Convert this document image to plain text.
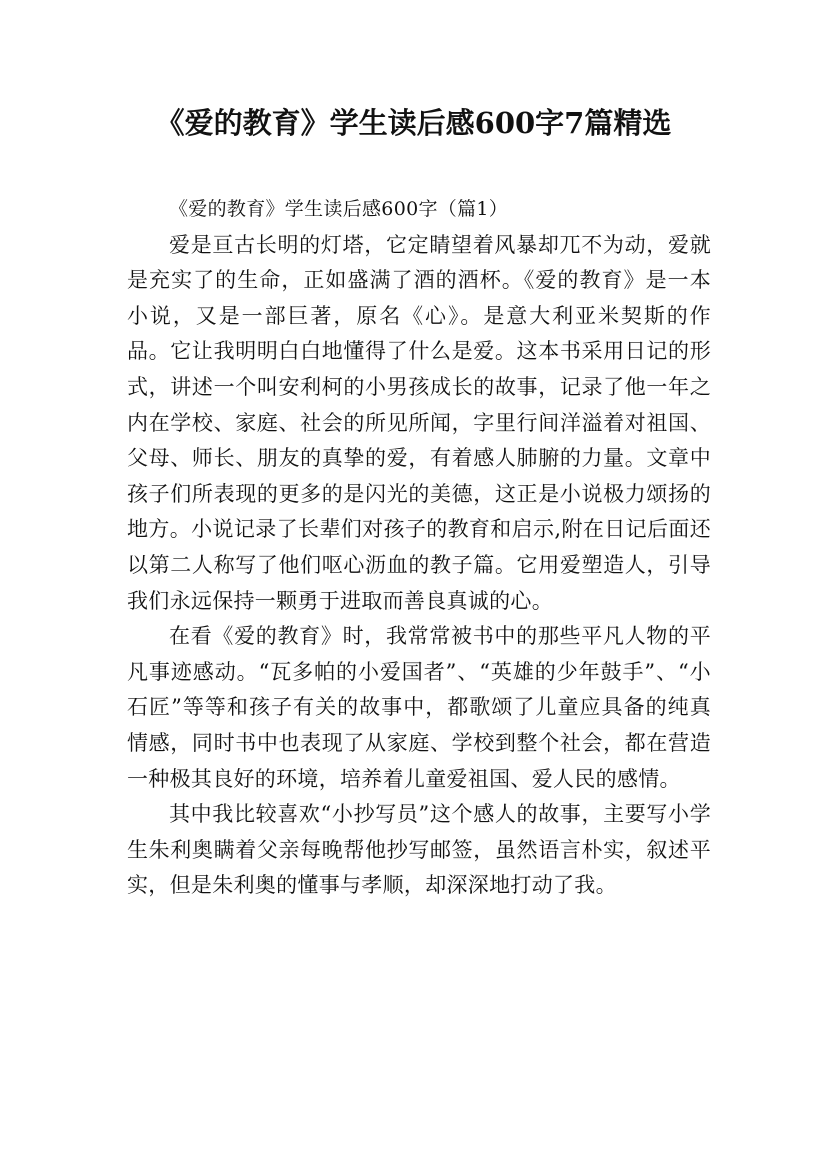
《爱的教育》学生读后感600字7篇精选
《爱的教育》学生读后感600字（篇1）

爱是亘古长明的灯塔，它定睛望着风暴却兀不为动，爱就是充实了的生命，正如盛满了酒的酒杯。《爱的教育》是一本小说，又是一部巨著，原名《心》。是意大利亚米契斯的作品。它让我明明白白地懂得了什么是爱。这本书采用日记的形式，讲述一个叫安利柯的小男孩成长的故事，记录了他一年之内在学校、家庭、社会的所见所闻，字里行间洋溢着对祖国、父母、师长、朋友的真挚的爱，有着感人肺腑的力量。文章中孩子们所表现的更多的是闪光的美德，这正是小说极力颂扬的地方。小说记录了长辈们对孩子的教育和启示,附在日记后面还以第二人称写了他们呕心沥血的教子篇。它用爱塑造人，引导我们永远保持一颗勇于进取而善良真诚的心。

在看《爱的教育》时，我常常被书中的那些平凡人物的平凡事迹感动。“瓦多帕的小爱国者”、“英雄的少年鼓手”、“小石匠”等等和孩子有关的故事中，都歌颂了儿童应具备的纯真情感，同时书中也表现了从家庭、学校到整个社会，都在营造一种极其良好的环境，培养着儿童爱祖国、爱人民的感情。

其中我比较喜欢“小抄写员”这个感人的故事，主要写小学生朱利奥瞒着父亲每晚帮他抄写邮签，虽然语言朴实，叙述平实，但是朱利奥的懂事与孝顺，却深深地打动了我。
